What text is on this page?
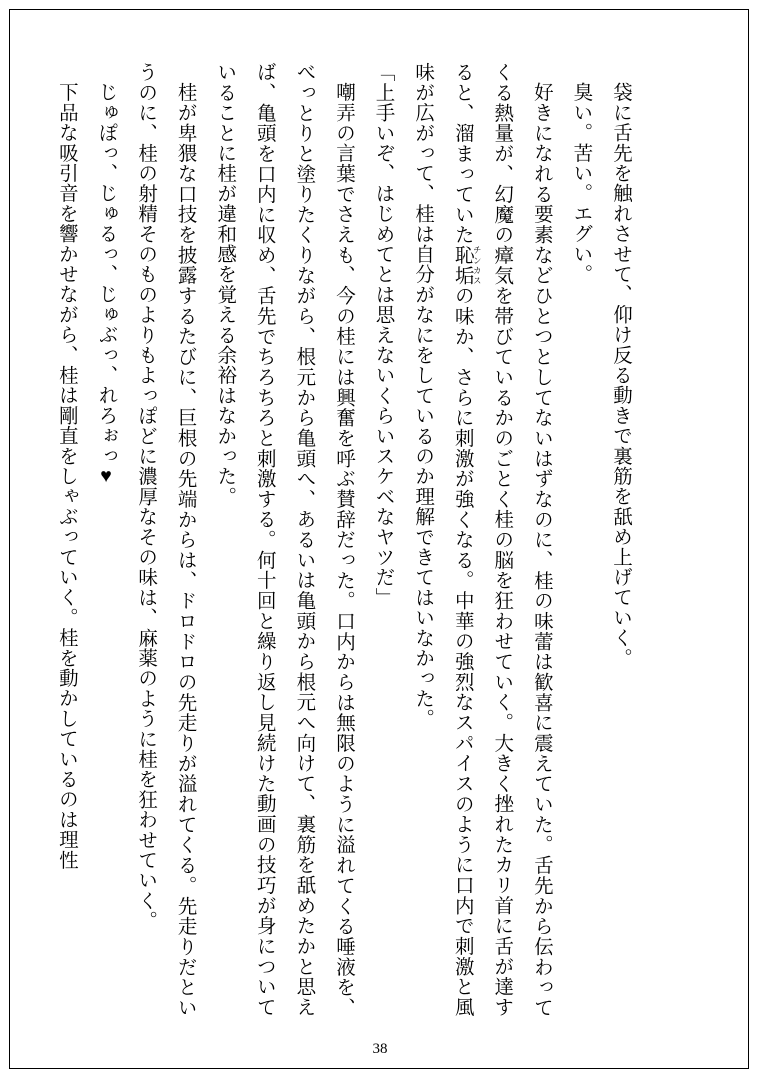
袋に舌先を触れさせて、仰け反る動きで裏筋を舐め上げていく。

臭い。苦い。エグい。

好きになれる要素などひとつとしてないはずなのに、桂の味蕾は歓喜に震えていた。舌先から伝わってくる熱量が、幻魔の瘴気を帯びているかのごとく桂の脳を狂わせていく。大きく挫れたカリ首に舌が達すると、溜まっていた恥垢 チンカスの味か、さらに刺激が強くなる。中華の強烈なスパイスのように口内で刺激と風味が広がって、桂は自分がなにをしているのか理解できてはいなかった。

「上手いぞ、はじめてとは思えないくらいスケベなヤツだ」

嘲弄の言葉でさえも、今の桂には興奮を呼ぶ賛辞だった。口内からは無限のように溢れてくる唾液を、べっとりと塗りたくりながら、根元から亀頭へ、あるいは亀頭から根元へ向けて、裏筋を舐めたかと思えば、亀頭を口内に収め、舌先でちろちろと刺激する。何十回と繰り返し見続けた動画の技巧が身についていることに桂が違和感を覚える余裕はなかった。

桂が卑猥な口技を披露するたびに、巨根の先端からは、ドロドロの先走りが溢れてくる。先走りだというのに、桂の射精そのものよりもよっぽどに濃厚なその味は、麻薬のように桂を狂わせていく。

じゅぽっ、じゅるっ、じゅぶっ、れろぉっ♥

下品な吸引音を響かせながら、桂は剛直をしゃぶっていく。桂を動かしているのは理性

38
